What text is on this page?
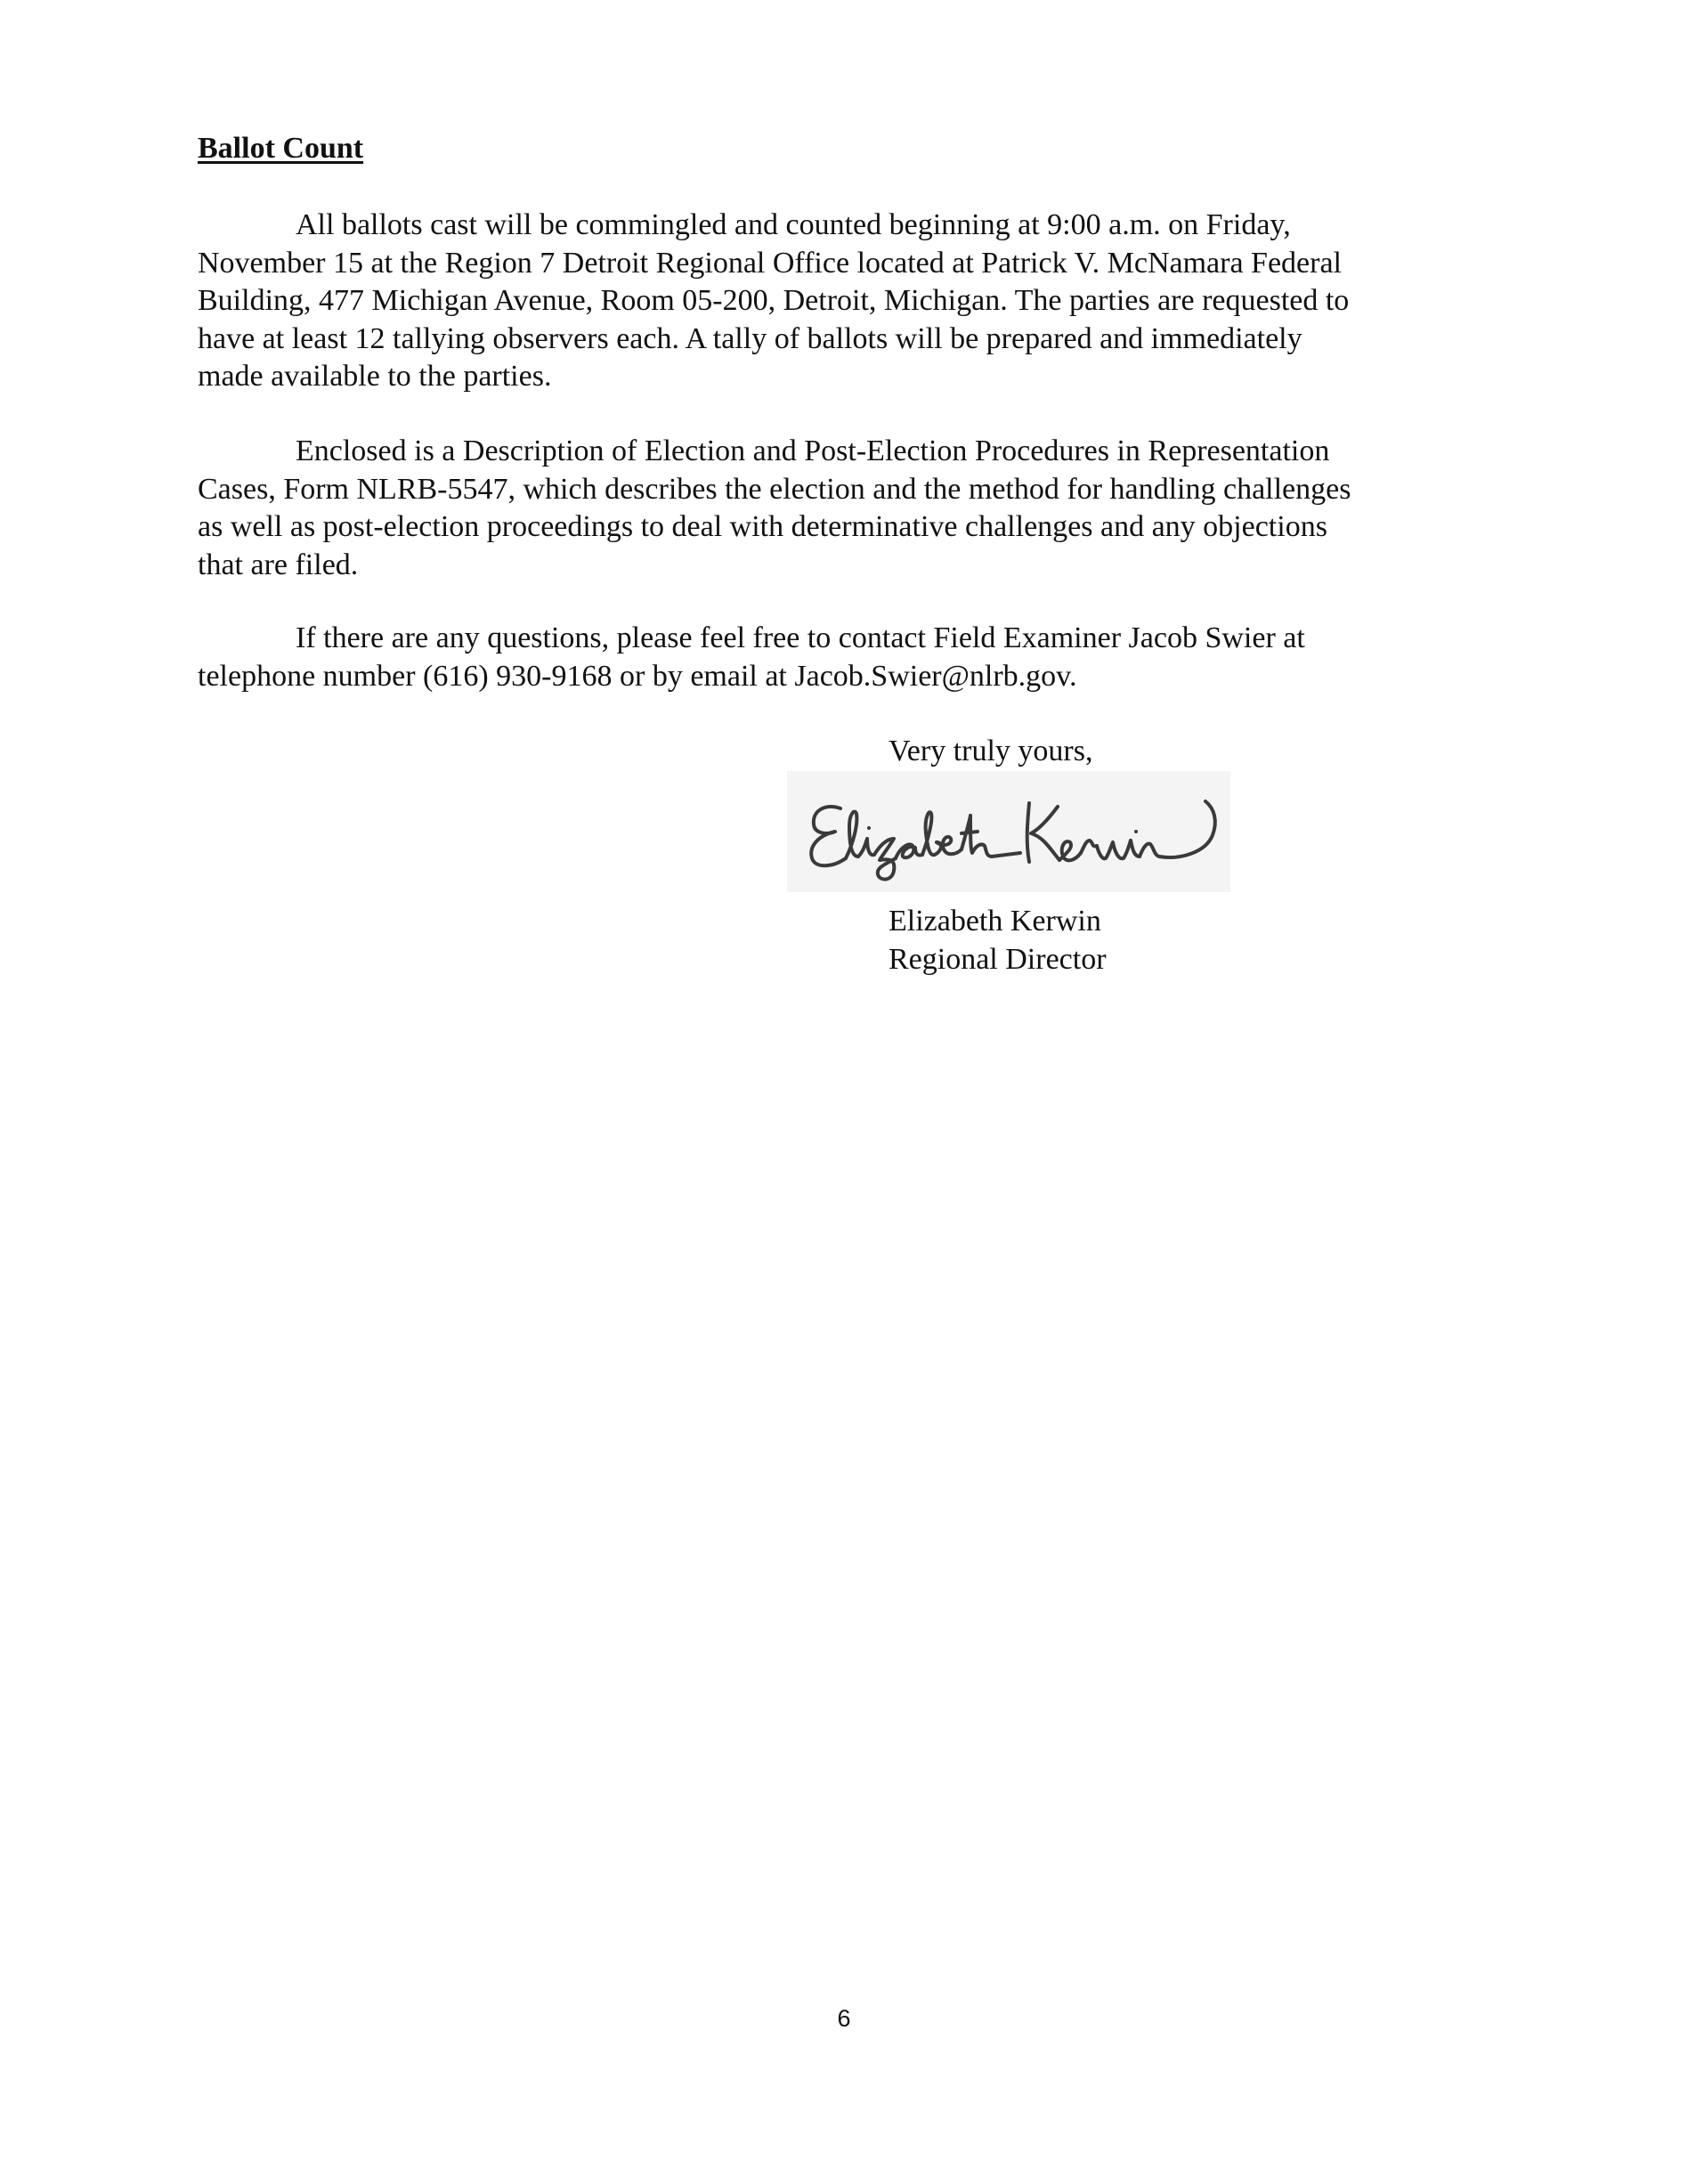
Ballot Count

All ballots cast will be commingled and counted beginning at 9:00 a.m. on Friday,
November 15 at the Region 7 Detroit Regional Office located at Patrick V. McNamara Federal
Building, 477 Michigan Avenue, Room 05-200, Detroit, Michigan. The parties are requested to
have at least 12 tallying observers each. A tally of ballots will be prepared and immediately
made available to the parties.

Enclosed is a Description of Election and Post-Election Procedures in Representation
Cases, Form NLRB-5547, which describes the election and the method for handling challenges
as well as post-election proceedings to deal with determinative challenges and any objections
that are filed.

If there are any questions, please feel free to contact Field Examiner Jacob Swier at
telephone number (616) 930-9168 or by email at Jacob.Swier@nlrb.gov.

Very truly yours,

Elizabeth Kerwin
Regional Director

6
